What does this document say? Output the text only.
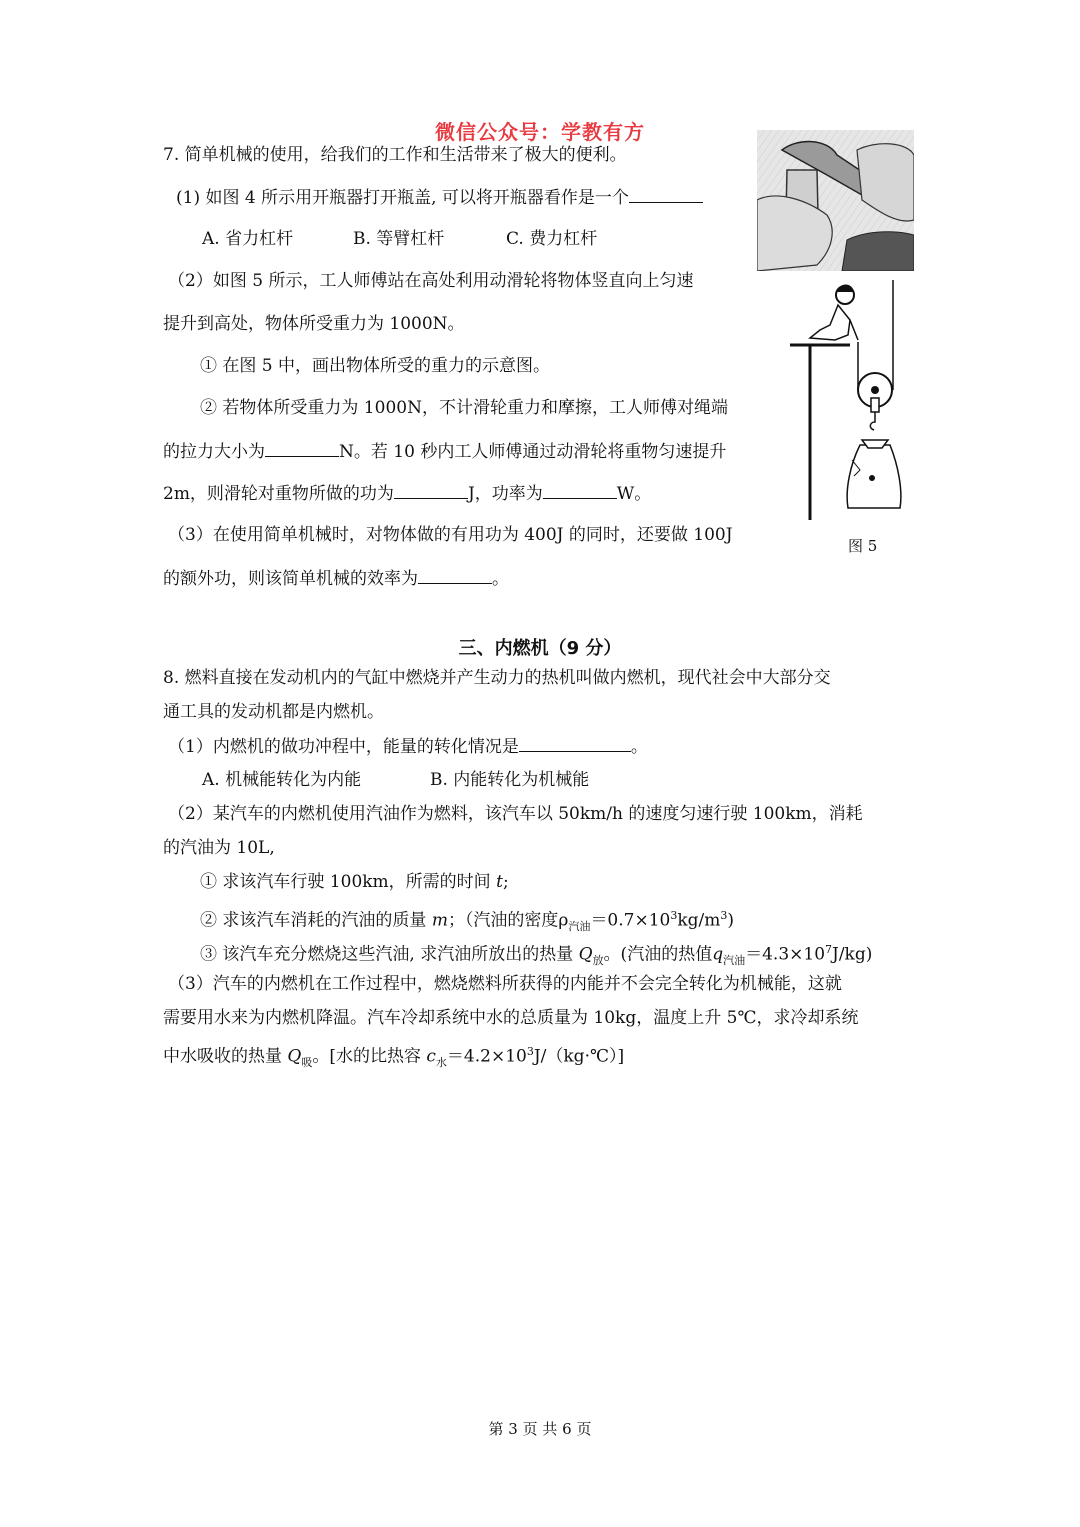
微信公众号：学教有方
图 5
7. 简单机械的使用，给我们的工作和生活带来了极大的便利。
(1) 如图 4 所示用开瓶器打开瓶盖, 可以将开瓶器看作是一个
A. 省力杠杆	B. 等臂杠杆	C. 费力杠杆
（2）如图 5 所示，工人师傅站在高处利用动滑轮将物体竖直向上匀速
提升到高处，物体所受重力为 1000N。
① 在图 5 中，画出物体所受的重力的示意图。
② 若物体所受重力为 1000N，不计滑轮重力和摩擦，工人师傅对绳端
的拉力大小为	N。若 10 秒内工人师傅通过动滑轮将重物匀速提升
2m，则滑轮对重物所做的功为	J，功率为	W。
（3）在使用简单机械时，对物体做的有用功为 400J 的同时，还要做 100J
的额外功，则该简单机械的效率为	。
三、内燃机（9 分）
8. 燃料直接在发动机内的气缸中燃烧并产生动力的热机叫做内燃机，现代社会中大部分交
通工具的发动机都是内燃机。
（1）内燃机的做功冲程中，能量的转化情况是	。
A. 机械能转化为内能	B. 内能转化为机械能
（2）某汽车的内燃机使用汽油作为燃料，该汽车以 50km/h 的速度匀速行驶 100km，消耗
的汽油为 10L,
① 求该汽车行驶 100km，所需的时间 t;
② 求该汽车消耗的汽油的质量 m；（汽油的密度$\rho_{汽油}=0.7\times 10^3kg/m^3$)
③ 该汽车充分燃烧这些汽油, 求汽油所放出的热量 $Q_放$。(汽油的热值$q_{汽油}=4.3\times 10^7J/kg$)
（3）汽车的内燃机在工作过程中，燃烧燃料所获得的内能并不会完全转化为机械能，这就
需要用水来为内燃机降温。汽车冷却系统中水的总质量为 10kg，温度上升 5℃，求冷却系统
中水吸收的热量 $Q_吸$。[水的比热容 $c_水=4.2\times 10^3J/(kg\cdot℃)$]
第 3 页 共 6 页
